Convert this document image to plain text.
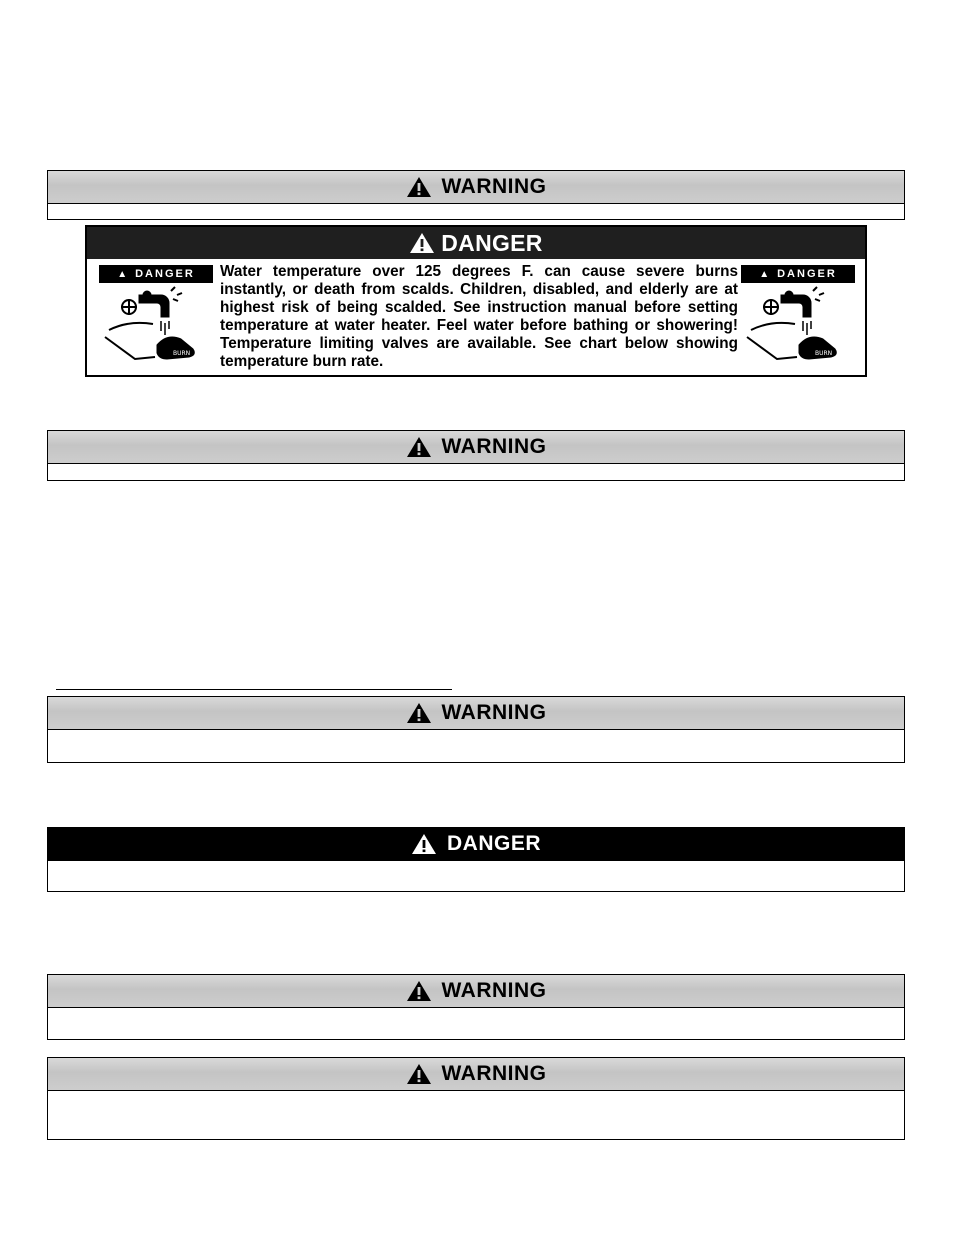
WARNING
DANGER
▲ DANGER
BURN
Water temperature over 125 degrees F. can cause severe burns instantly, or death from scalds. Children, disabled, and elderly are at highest risk of being scalded. See instruction manual before setting temperature at water heater. Feel water before bathing or showering! Temperature limiting valves are available. See chart below showing temperature burn rate.
▲ DANGER
BURN
WARNING
WARNING
DANGER
WARNING
WARNING
